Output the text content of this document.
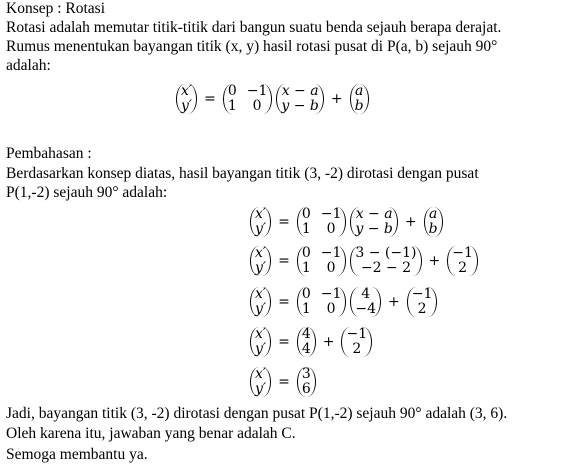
Konsep : Rotasi
Rotasi adalah memutar titik-titik dari bangun suatu benda sejauh berapa derajat.
Rumus menentukan bayangan titik (x, y) hasil rotasi pusat di P(a, b) sejauh 90°
adalah:
x′
y′ = 0 −1
1 0
x − a
y − b + a
b
Pembahasan :
Berdasarkan konsep diatas, hasil bayangan titik (3, -2) dirotasi dengan pusat
P(1,-2) sejauh 90° adalah:
x′
y′ = 0 −1
1 0
x − a
y − b + a
b
x′
y′ = 0 −1
1 0
3 − (−1)
−2 − 2 + −1
2
x′
y′ = 0 −1
1 0
4
−4 + −1
2
x′
y′ = 4
4 + −1
2
x′
y′ = 3
6
Jadi, bayangan titik (3, -2) dirotasi dengan pusat P(1,-2) sejauh 90° adalah (3, 6).
Oleh karena itu, jawaban yang benar adalah C.
Semoga membantu ya.
